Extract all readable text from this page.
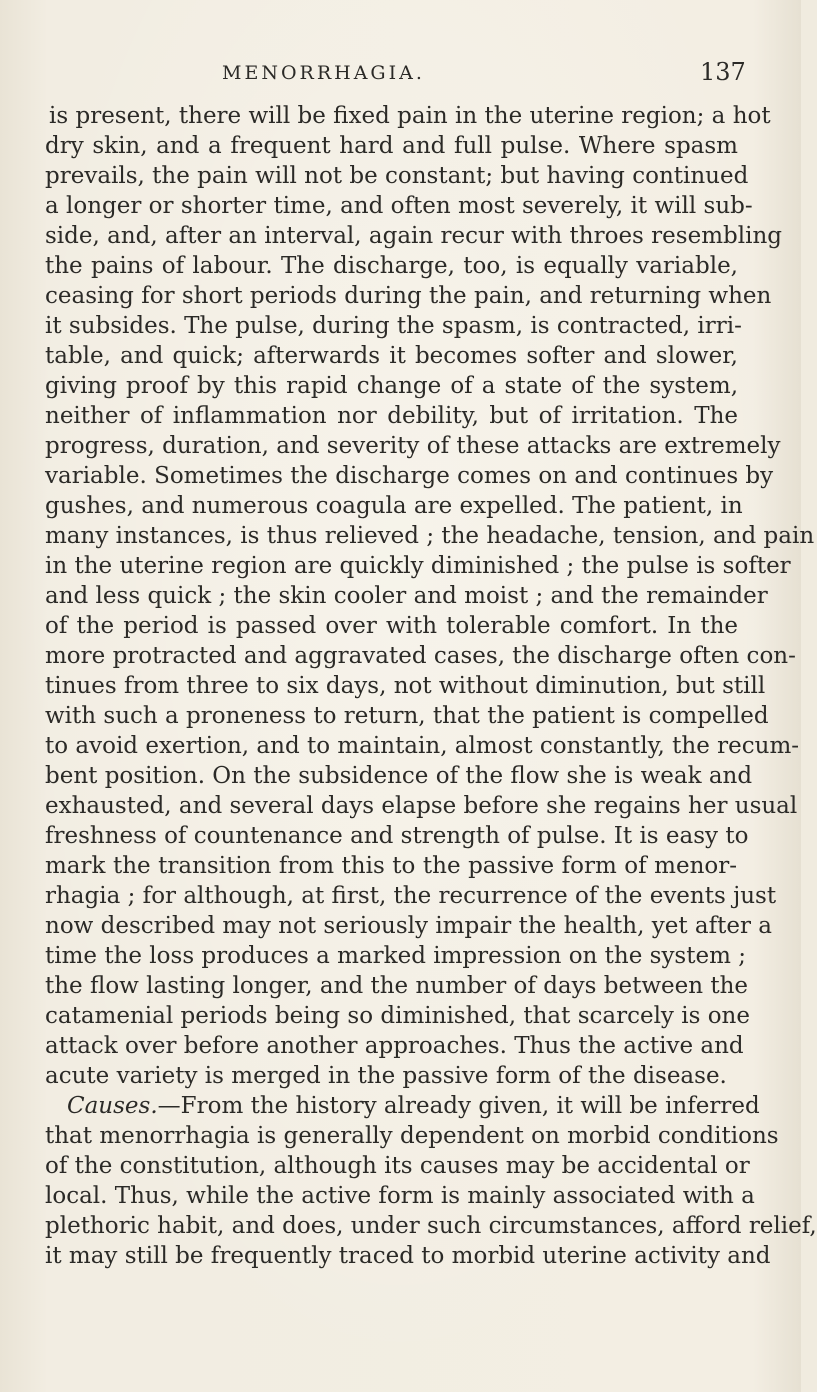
MENORRHAGIA.	137
is present, there will be fixed pain in the uterine region; a hot
dry skin, and a frequent hard and full pulse. Where spasm
prevails, the pain will not be constant; but having continued
a longer or shorter time, and often most severely, it will sub-
side, and, after an interval, again recur with throes resembling
the pains of labour. The discharge, too, is equally variable,
ceasing for short periods during the pain, and returning when
it subsides. The pulse, during the spasm, is contracted, irri-
table, and quick; afterwards it becomes softer and slower,
giving proof by this rapid change of a state of the system,
neither of inflammation nor debility, but of irritation. The
progress, duration, and severity of these attacks are extremely
variable. Sometimes the discharge comes on and continues by
gushes, and numerous coagula are expelled. The patient, in
many instances, is thus relieved ; the headache, tension, and pain
in the uterine region are quickly diminished ; the pulse is softer
and less quick ; the skin cooler and moist ; and the remainder
of the period is passed over with tolerable comfort. In the
more protracted and aggravated cases, the discharge often con-
tinues from three to six days, not without diminution, but still
with such a proneness to return, that the patient is compelled
to avoid exertion, and to maintain, almost constantly, the recum-
bent position. On the subsidence of the flow she is weak and
exhausted, and several days elapse before she regains her usual
freshness of countenance and strength of pulse. It is easy to
mark the transition from this to the passive form of menor-
rhagia ; for although, at first, the recurrence of the events just
now described may not seriously impair the health, yet after a
time the loss produces a marked impression on the system ;
the flow lasting longer, and the number of days between the
catamenial periods being so diminished, that scarcely is one
attack over before another approaches. Thus the active and
acute variety is merged in the passive form of the disease.
Causes.—From the history already given, it will be inferred
that menorrhagia is generally dependent on morbid conditions
of the constitution, although its causes may be accidental or
local. Thus, while the active form is mainly associated with a
plethoric habit, and does, under such circumstances, afford relief,
it may still be frequently traced to morbid uterine activity and
